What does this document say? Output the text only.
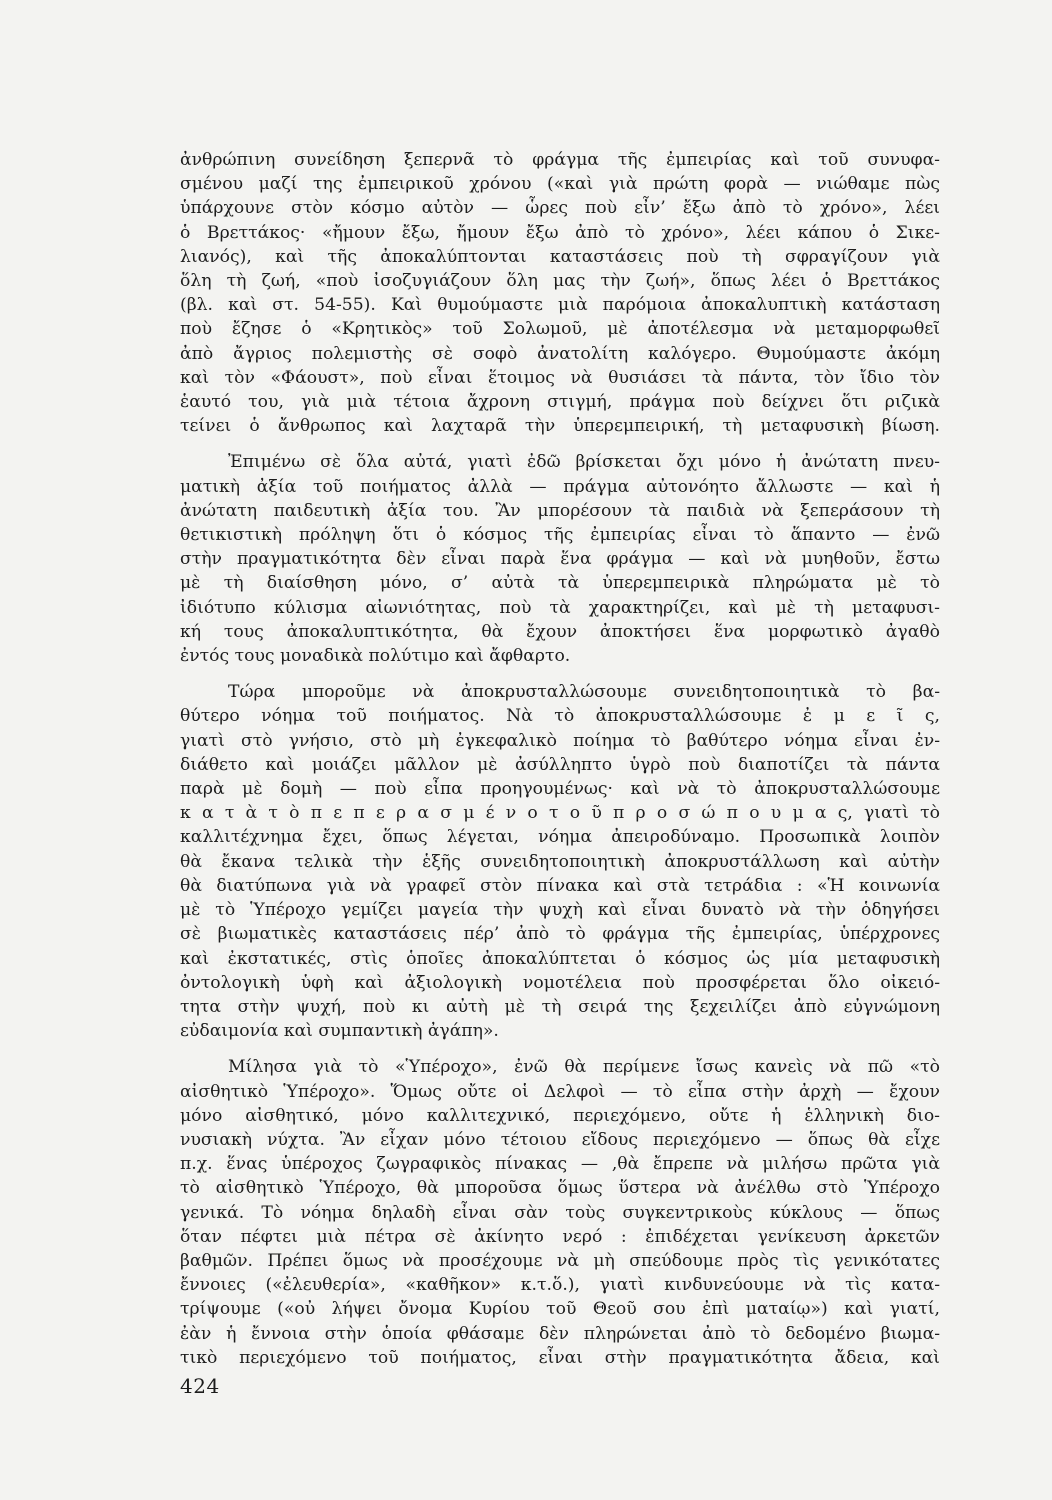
ἀνθρώπινη συνείδηση ξεπερνᾶ τὸ φράγμα τῆς ἐμπειρίας καὶ τοῦ συνυφα-
σμένου μαζί της ἐμπειρικοῦ χρόνου («καὶ γιὰ πρώτη φορὰ — νιώθαμε πὼς
ὑπάρχουνε στὸν κόσμο αὐτὸν — ὧρες ποὺ εἶν’ ἔξω ἀπὸ τὸ χρόνο», λέει
ὁ Βρεττάκος· «ἤμουν ἔξω, ἤμουν ἔξω ἀπὸ τὸ χρόνο», λέει κάπου ὁ Σικε-
λιανός), καὶ τῆς ἀποκαλύπτονται καταστάσεις ποὺ τὴ σφραγίζουν γιὰ
ὅλη τὴ ζωή, «ποὺ ἰσοζυγιάζουν ὅλη μας τὴν ζωή», ὅπως λέει ὁ Βρεττάκος
(βλ. καὶ στ. 54-55). Καὶ θυμούμαστε μιὰ παρόμοια ἀποκαλυπτικὴ κατάσταση
ποὺ ἔζησε ὁ «Κρητικὸς» τοῦ Σολωμοῦ, μὲ ἀποτέλεσμα νὰ μεταμορφωθεῖ
ἀπὸ ἄγριος πολεμιστὴς σὲ σοφὸ ἀνατολίτη καλόγερο. Θυμούμαστε ἀκόμη
καὶ τὸν «Φάουστ», ποὺ εἶναι ἕτοιμος νὰ θυσιάσει τὰ πάντα, τὸν ἴδιο τὸν
ἑαυτό του, γιὰ μιὰ τέτοια ἄχρονη στιγμή, πράγμα ποὺ δείχνει ὅτι ριζικὰ
τείνει ὁ ἄνθρωπος καὶ λαχταρᾶ τὴν ὑπερεμπειρική, τὴ μεταφυσικὴ βίωση.
Ἐπιμένω σὲ ὅλα αὐτά, γιατὶ ἐδῶ βρίσκεται ὄχι μόνο ἡ ἀνώτατη πνευ-
ματικὴ ἀξία τοῦ ποιήματος ἀλλὰ — πράγμα αὐτονόητο ἄλλωστε — καὶ ἡ
ἀνώτατη παιδευτικὴ ἀξία του. Ἂν μπορέσουν τὰ παιδιὰ νὰ ξεπεράσουν τὴ
θετικιστικὴ πρόληψη ὅτι ὁ κόσμος τῆς ἐμπειρίας εἶναι τὸ ἅπαντο — ἐνῶ
στὴν πραγματικότητα δὲν εἶναι παρὰ ἕνα φράγμα — καὶ νὰ μυηθοῦν, ἔστω
μὲ τὴ διαίσθηση μόνο, σ’ αὐτὰ τὰ ὑπερεμπειρικὰ πληρώματα μὲ τὸ
ἰδιότυπο κύλισμα αἰωνιότητας, ποὺ τὰ χαρακτηρίζει, καὶ μὲ τὴ μεταφυσι-
κή τους ἀποκαλυπτικότητα, θὰ ἔχουν ἀποκτήσει ἕνα μορφωτικὸ ἀγαθὸ
ἐντός τους μοναδικὰ πολύτιμο καὶ ἄφθαρτο.
Τώρα μποροῦμε νὰ ἀποκρυσταλλώσουμε συνειδητοποιητικὰ τὸ βα-
θύτερο νόημα τοῦ ποιήματος. Νὰ τὸ ἀποκρυσταλλώσουμε ἐ μ ε ῖ ς,
γιατὶ στὸ γνήσιο, στὸ μὴ ἐγκεφαλικὸ ποίημα τὸ βαθύτερο νόημα εἶναι ἐν-
διάθετο καὶ μοιάζει μᾶλλον μὲ ἀσύλληπτο ὑγρὸ ποὺ διαποτίζει τὰ πάντα
παρὰ μὲ δομὴ — ποὺ εἶπα προηγουμένως· καὶ νὰ τὸ ἀποκρυσταλλώσουμε
κ α τ ὰ τ ὸ π ε π ε ρ α σ μ έ ν ο τ ο ῦ π ρ ο σ ώ π ο υ μ α ς, γιατὶ τὸ
καλλιτέχνημα ἔχει, ὅπως λέγεται, νόημα ἀπειροδύναμο. Προσωπικὰ λοιπὸν
θὰ ἔκανα τελικὰ τὴν ἑξῆς συνειδητοποιητικὴ ἀποκρυστάλλωση καὶ αὐτὴν
θὰ διατύπωνα γιὰ νὰ γραφεῖ στὸν πίνακα καὶ στὰ τετράδια : «Ἡ κοινωνία
μὲ τὸ Ὑπέροχο γεμίζει μαγεία τὴν ψυχὴ καὶ εἶναι δυνατὸ νὰ τὴν ὁδηγήσει
σὲ βιωματικὲς καταστάσεις πέρ’ ἀπὸ τὸ φράγμα τῆς ἐμπειρίας, ὑπέρχρονες
καὶ ἐκστατικές, στὶς ὁποῖες ἀποκαλύπτεται ὁ κόσμος ὡς μία μεταφυσικὴ
ὀντολογικὴ ὑφὴ καὶ ἀξιολογικὴ νομοτέλεια ποὺ προσφέρεται ὅλο οἰκειό-
τητα στὴν ψυχή, ποὺ κι αὐτὴ μὲ τὴ σειρά της ξεχειλίζει ἀπὸ εὐγνώμονη
εὐδαιμονία καὶ συμπαντικὴ ἀγάπη».
Μίλησα γιὰ τὸ «Ὑπέροχο», ἐνῶ θὰ περίμενε ἴσως κανεὶς νὰ πῶ «τὸ
αἰσθητικὸ Ὑπέροχο». Ὅμως οὔτε οἱ Δελφοὶ — τὸ εἶπα στὴν ἀρχὴ — ἔχουν
μόνο αἰσθητικό, μόνο καλλιτεχνικό, περιεχόμενο, οὔτε ἡ ἑλληνικὴ διο-
νυσιακὴ νύχτα. Ἂν εἶχαν μόνο τέτοιου εἴδους περιεχόμενο — ὅπως θὰ εἶχε
π.χ. ἕνας ὑπέροχος ζωγραφικὸς πίνακας — ,θὰ ἔπρεπε νὰ μιλήσω πρῶτα γιὰ
τὸ αἰσθητικὸ Ὑπέροχο, θὰ μποροῦσα ὅμως ὕστερα νὰ ἀνέλθω στὸ Ὑπέροχο
γενικά. Τὸ νόημα δηλαδὴ εἶναι σὰν τοὺς συγκεντρικοὺς κύκλους — ὅπως
ὅταν πέφτει μιὰ πέτρα σὲ ἀκίνητο νερό : ἐπιδέχεται γενίκευση ἀρκετῶν
βαθμῶν. Πρέπει ὅμως νὰ προσέχουμε νὰ μὴ σπεύδουμε πρὸς τὶς γενικότατες
ἔννοιες («ἐλευθερία», «καθῆκον» κ.τ.ὅ.), γιατὶ κινδυνεύουμε νὰ τὶς κατα-
τρίψουμε («οὐ λήψει ὄνομα Κυρίου τοῦ Θεοῦ σου ἐπὶ ματαίῳ») καὶ γιατί,
ἐὰν ἡ ἔννοια στὴν ὁποία φθάσαμε δὲν πληρώνεται ἀπὸ τὸ δεδομένο βιωμα-
τικὸ περιεχόμενο τοῦ ποιήματος, εἶναι στὴν πραγματικότητα ἄδεια, καὶ
424
